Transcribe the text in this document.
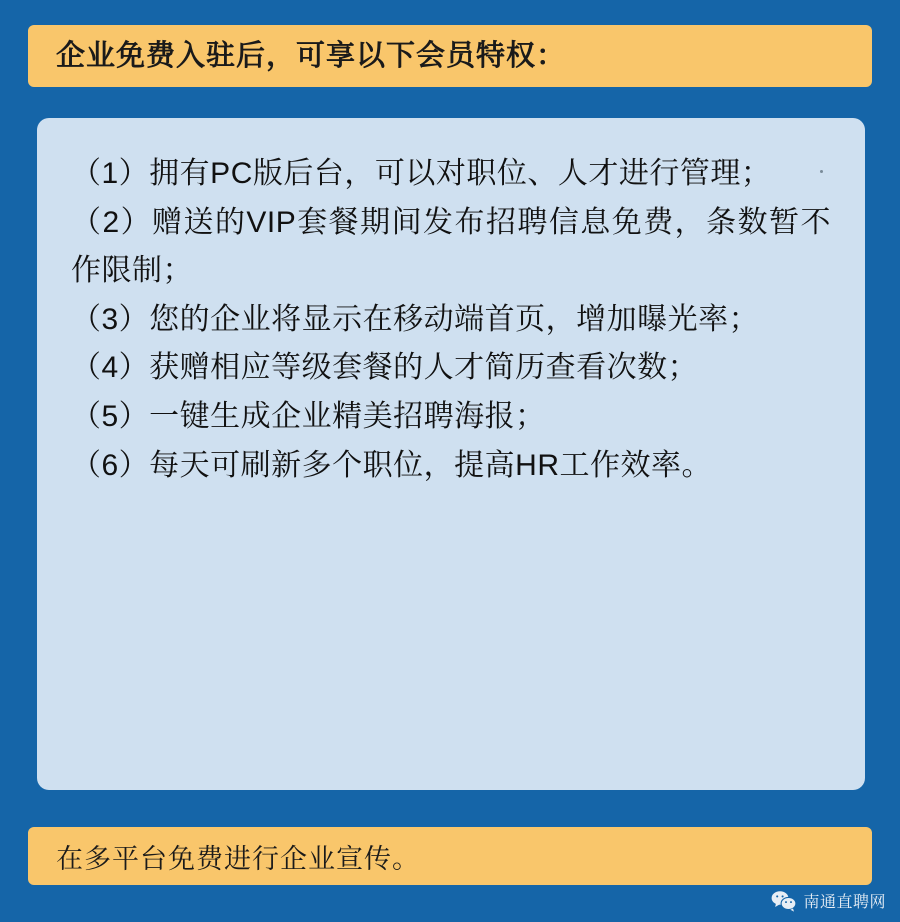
企业免费入驻后，可享以下会员特权：
（1）拥有PC版后台，可以对职位、人才进行管理；
（2）赠送的VIP套餐期间发布招聘信息免费，条数暂不作限制；
（3）您的企业将显示在移动端首页，增加曝光率；
（4）获赠相应等级套餐的人才简历查看次数；
（5）一键生成企业精美招聘海报；
（6）每天可刷新多个职位，提高HR工作效率。
在多平台免费进行企业宣传。
南通直聘网
